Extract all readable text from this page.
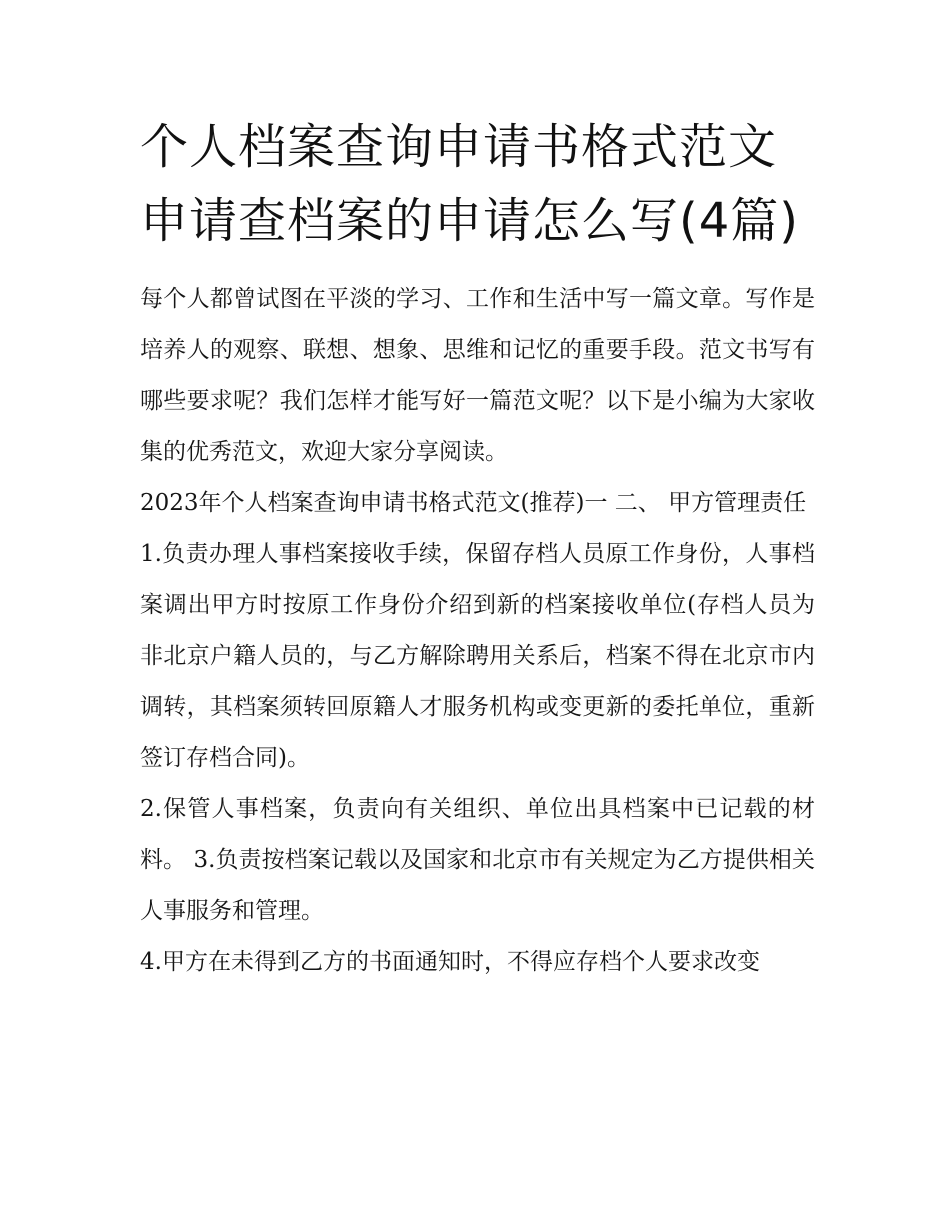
个人档案查询申请书格式范文申请查档案的申请怎么写(4篇)

每个人都曾试图在平淡的学习、工作和生活中写一篇文章。写作是培养人的观察、联想、想象、思维和记忆的重要手段。范文书写有哪些要求呢？我们怎样才能写好一篇范文呢？以下是小编为大家收集的优秀范文，欢迎大家分享阅读。

2023年个人档案查询申请书格式范文(推荐)一 二、 甲方管理责任

1.负责办理人事档案接收手续，保留存档人员原工作身份，人事档案调出甲方时按原工作身份介绍到新的档案接收单位(存档人员为非北京户籍人员的，与乙方解除聘用关系后，档案不得在北京市内调转，其档案须转回原籍人才服务机构或变更新的委托单位，重新签订存档合同)。

2.保管人事档案，负责向有关组织、单位出具档案中已记载的材料。 3.负责按档案记载以及国家和北京市有关规定为乙方提供相关人事服务和管理。

4.甲方在未得到乙方的书面通知时，不得应存档个人要求改变
